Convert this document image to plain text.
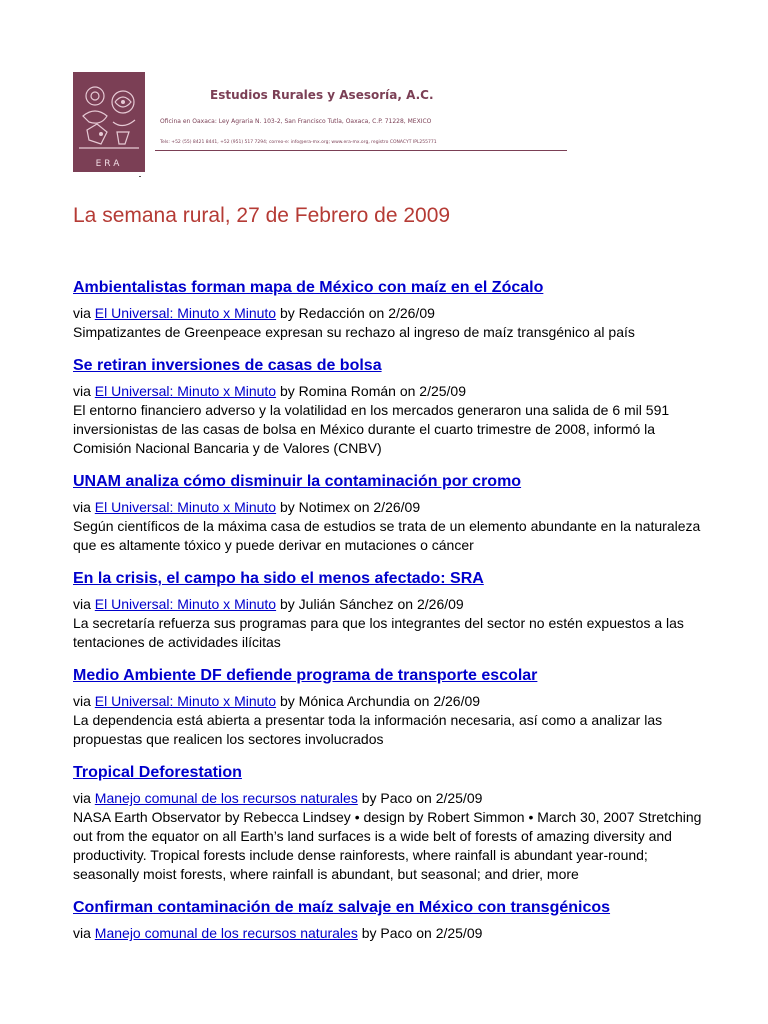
ERA
Estudios Rurales y Asesoría, A.C.
Oficina en Oaxaca: Ley Agraria N. 103-2, San Francisco Tutla, Oaxaca, C.P. 71228, MEXICO
Tels: +52 (55) 8421 8441, +52 (951) 517 7294; correo-e: info@era-mx.org; www.era-mx.org, registro CONACYT IPL255771
La semana rural, 27 de Febrero de 2009
Ambientalistas forman mapa de México con maíz en el Zócalo
via El Universal: Minuto x Minuto by Redacción on 2/26/09
Simpatizantes de Greenpeace expresan su rechazo al ingreso de maíz transgénico al país
Se retiran inversiones de casas de bolsa
via El Universal: Minuto x Minuto by Romina Román on 2/25/09
El entorno financiero adverso y la volatilidad en los mercados generaron una salida de 6 mil 591 inversionistas de las casas de bolsa en México durante el cuarto trimestre de 2008, informó la Comisión Nacional Bancaria y de Valores (CNBV)
UNAM analiza cómo disminuir la contaminación por cromo
via El Universal: Minuto x Minuto by Notimex on 2/26/09
Según científicos de la máxima casa de estudios se trata de un elemento abundante en la naturaleza que es altamente tóxico y puede derivar en mutaciones o cáncer
En la crisis, el campo ha sido el menos afectado: SRA
via El Universal: Minuto x Minuto by Julián Sánchez on 2/26/09
La secretaría refuerza sus programas para que los integrantes del sector no estén expuestos a las tentaciones de actividades ilícitas
Medio Ambiente DF defiende programa de transporte escolar
via El Universal: Minuto x Minuto by Mónica Archundia on 2/26/09
La dependencia está abierta a presentar toda la información necesaria, así como a analizar las propuestas que realicen los sectores involucrados
Tropical Deforestation
via Manejo comunal de los recursos naturales by Paco on 2/25/09
NASA Earth Observator by Rebecca Lindsey • design by Robert Simmon • March 30, 2007 Stretching out from the equator on all Earth’s land surfaces is a wide belt of forests of amazing diversity and productivity. Tropical forests include dense rainforests, where rainfall is abundant year-round; seasonally moist forests, where rainfall is abundant, but seasonal; and drier, more
Confirman contaminación de maíz salvaje en México con transgénicos
via Manejo comunal de los recursos naturales by Paco on 2/25/09
